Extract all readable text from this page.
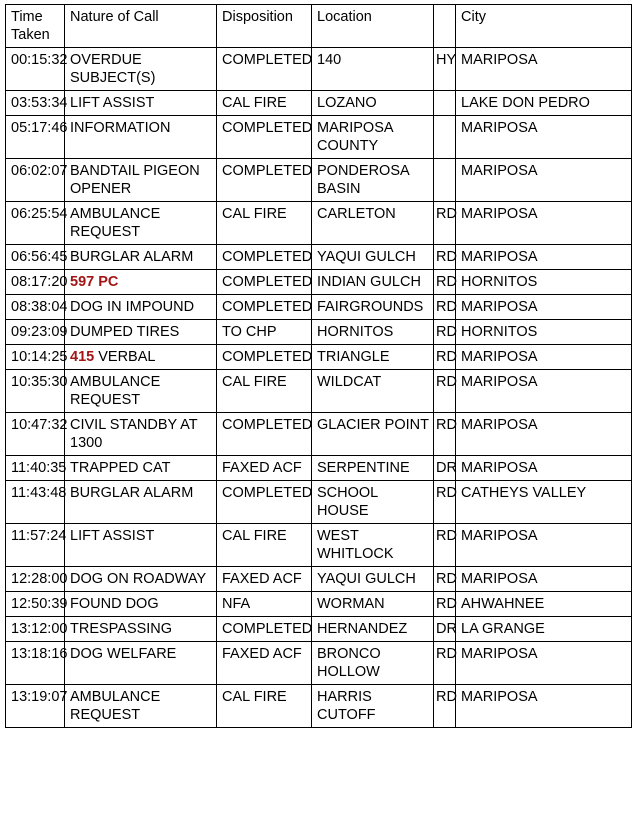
Time Taken	Nature of Call	Disposition	Location		City
00:15:32	OVERDUE SUBJECT(S)	COMPLETED	140	HY	MARIPOSA
03:53:34	LIFT ASSIST	CAL FIRE	LOZANO		LAKE DON PEDRO
05:17:46	INFORMATION	COMPLETED	MARIPOSA COUNTY		MARIPOSA
06:02:07	BANDTAIL PIGEON OPENER	COMPLETED	PONDEROSA BASIN		MARIPOSA
06:25:54	AMBULANCE REQUEST	CAL FIRE	CARLETON	RD	MARIPOSA
06:56:45	BURGLAR ALARM	COMPLETED	YAQUI GULCH	RD	MARIPOSA
08:17:20	597 PC	COMPLETED	INDIAN GULCH	RD	HORNITOS
08:38:04	DOG IN IMPOUND	COMPLETED	FAIRGROUNDS	RD	MARIPOSA
09:23:09	DUMPED TIRES	TO CHP	HORNITOS	RD	HORNITOS
10:14:25	415 VERBAL	COMPLETED	TRIANGLE	RD	MARIPOSA
10:35:30	AMBULANCE REQUEST	CAL FIRE	WILDCAT	RD	MARIPOSA
10:47:32	CIVIL STANDBY AT 1300	COMPLETED	GLACIER POINT	RD	MARIPOSA
11:40:35	TRAPPED CAT	FAXED ACF	SERPENTINE	DR	MARIPOSA
11:43:48	BURGLAR ALARM	COMPLETED	SCHOOL HOUSE	RD	CATHEYS VALLEY
11:57:24	LIFT ASSIST	CAL FIRE	WEST WHITLOCK	RD	MARIPOSA
12:28:00	DOG ON ROADWAY	FAXED ACF	YAQUI GULCH	RD	MARIPOSA
12:50:39	FOUND DOG	NFA	WORMAN	RD	AHWAHNEE
13:12:00	TRESPASSING	COMPLETED	HERNANDEZ	DR	LA GRANGE
13:18:16	DOG WELFARE	FAXED ACF	BRONCO HOLLOW	RD	MARIPOSA
13:19:07	AMBULANCE REQUEST	CAL FIRE	HARRIS CUTOFF	RD	MARIPOSA
